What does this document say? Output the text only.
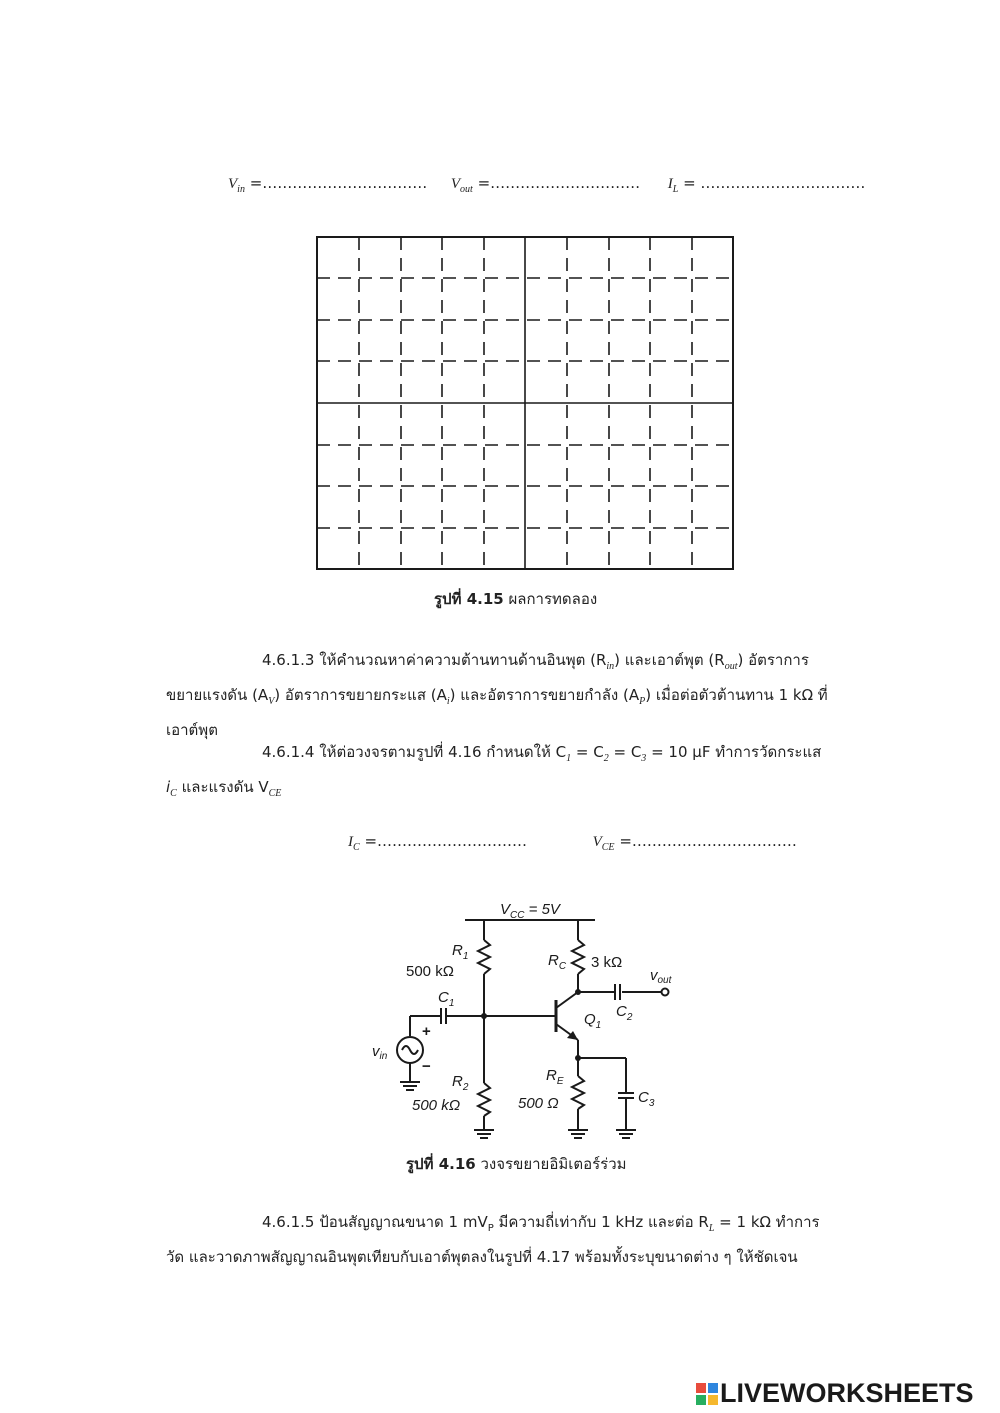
$V_{in}$ =…………………………… $V_{out}$ =………………………… $I_L$ = ……………………………
รูปที่ 4.15 ผลการทดลอง
4.6.1.3 ให้คำนวณหาค่าความต้านทานด้านอินพุต $(R_{in})$ และเอาต์พุต $(R_{out})$ อัตราการ
ขยายแรงดัน $(A_V)$ อัตราการขยายกระแส $(A_i)$ และอัตราการขยายกำลัง $(A_P)$ เมื่อต่อตัวต้านทาน 1 kΩ ที่
เอาต์พุต
4.6.1.4 ให้ต่อวงจรตามรูปที่ 4.16 กำหนดให้ $C_1 = C_2 = C_3 = 10$ µF ทำการวัดกระแส
$i_C$ และแรงดัน $V_{CE}$
$I_C$ =…………………………	$V_{CE}$ =……………………………
$V_{CC} = 5V$
$R_1$
500 kΩ
$R_C$ 3 kΩ
$v_{out}$
$C_1$	$C_2$
$Q_1$
$v_{in}$
+
−
$R_2$
500 kΩ
$R_E$
500 Ω	$C_3$
รูปที่ 4.16 วงจรขยายอิมิเตอร์ร่วม
4.6.1.5 ป้อนสัญญาณขนาด 1 $mV_P$ มีความถี่เท่ากับ 1 kHz และต่อ $R_L = 1$ kΩ ทำการ
วัด และวาดภาพสัญญาณอินพุตเทียบกับเอาต์พุตลงในรูปที่ 4.17 พร้อมทั้งระบุขนาดต่าง ๆ ให้ชัดเจน
LIVEWORKSHEETS
